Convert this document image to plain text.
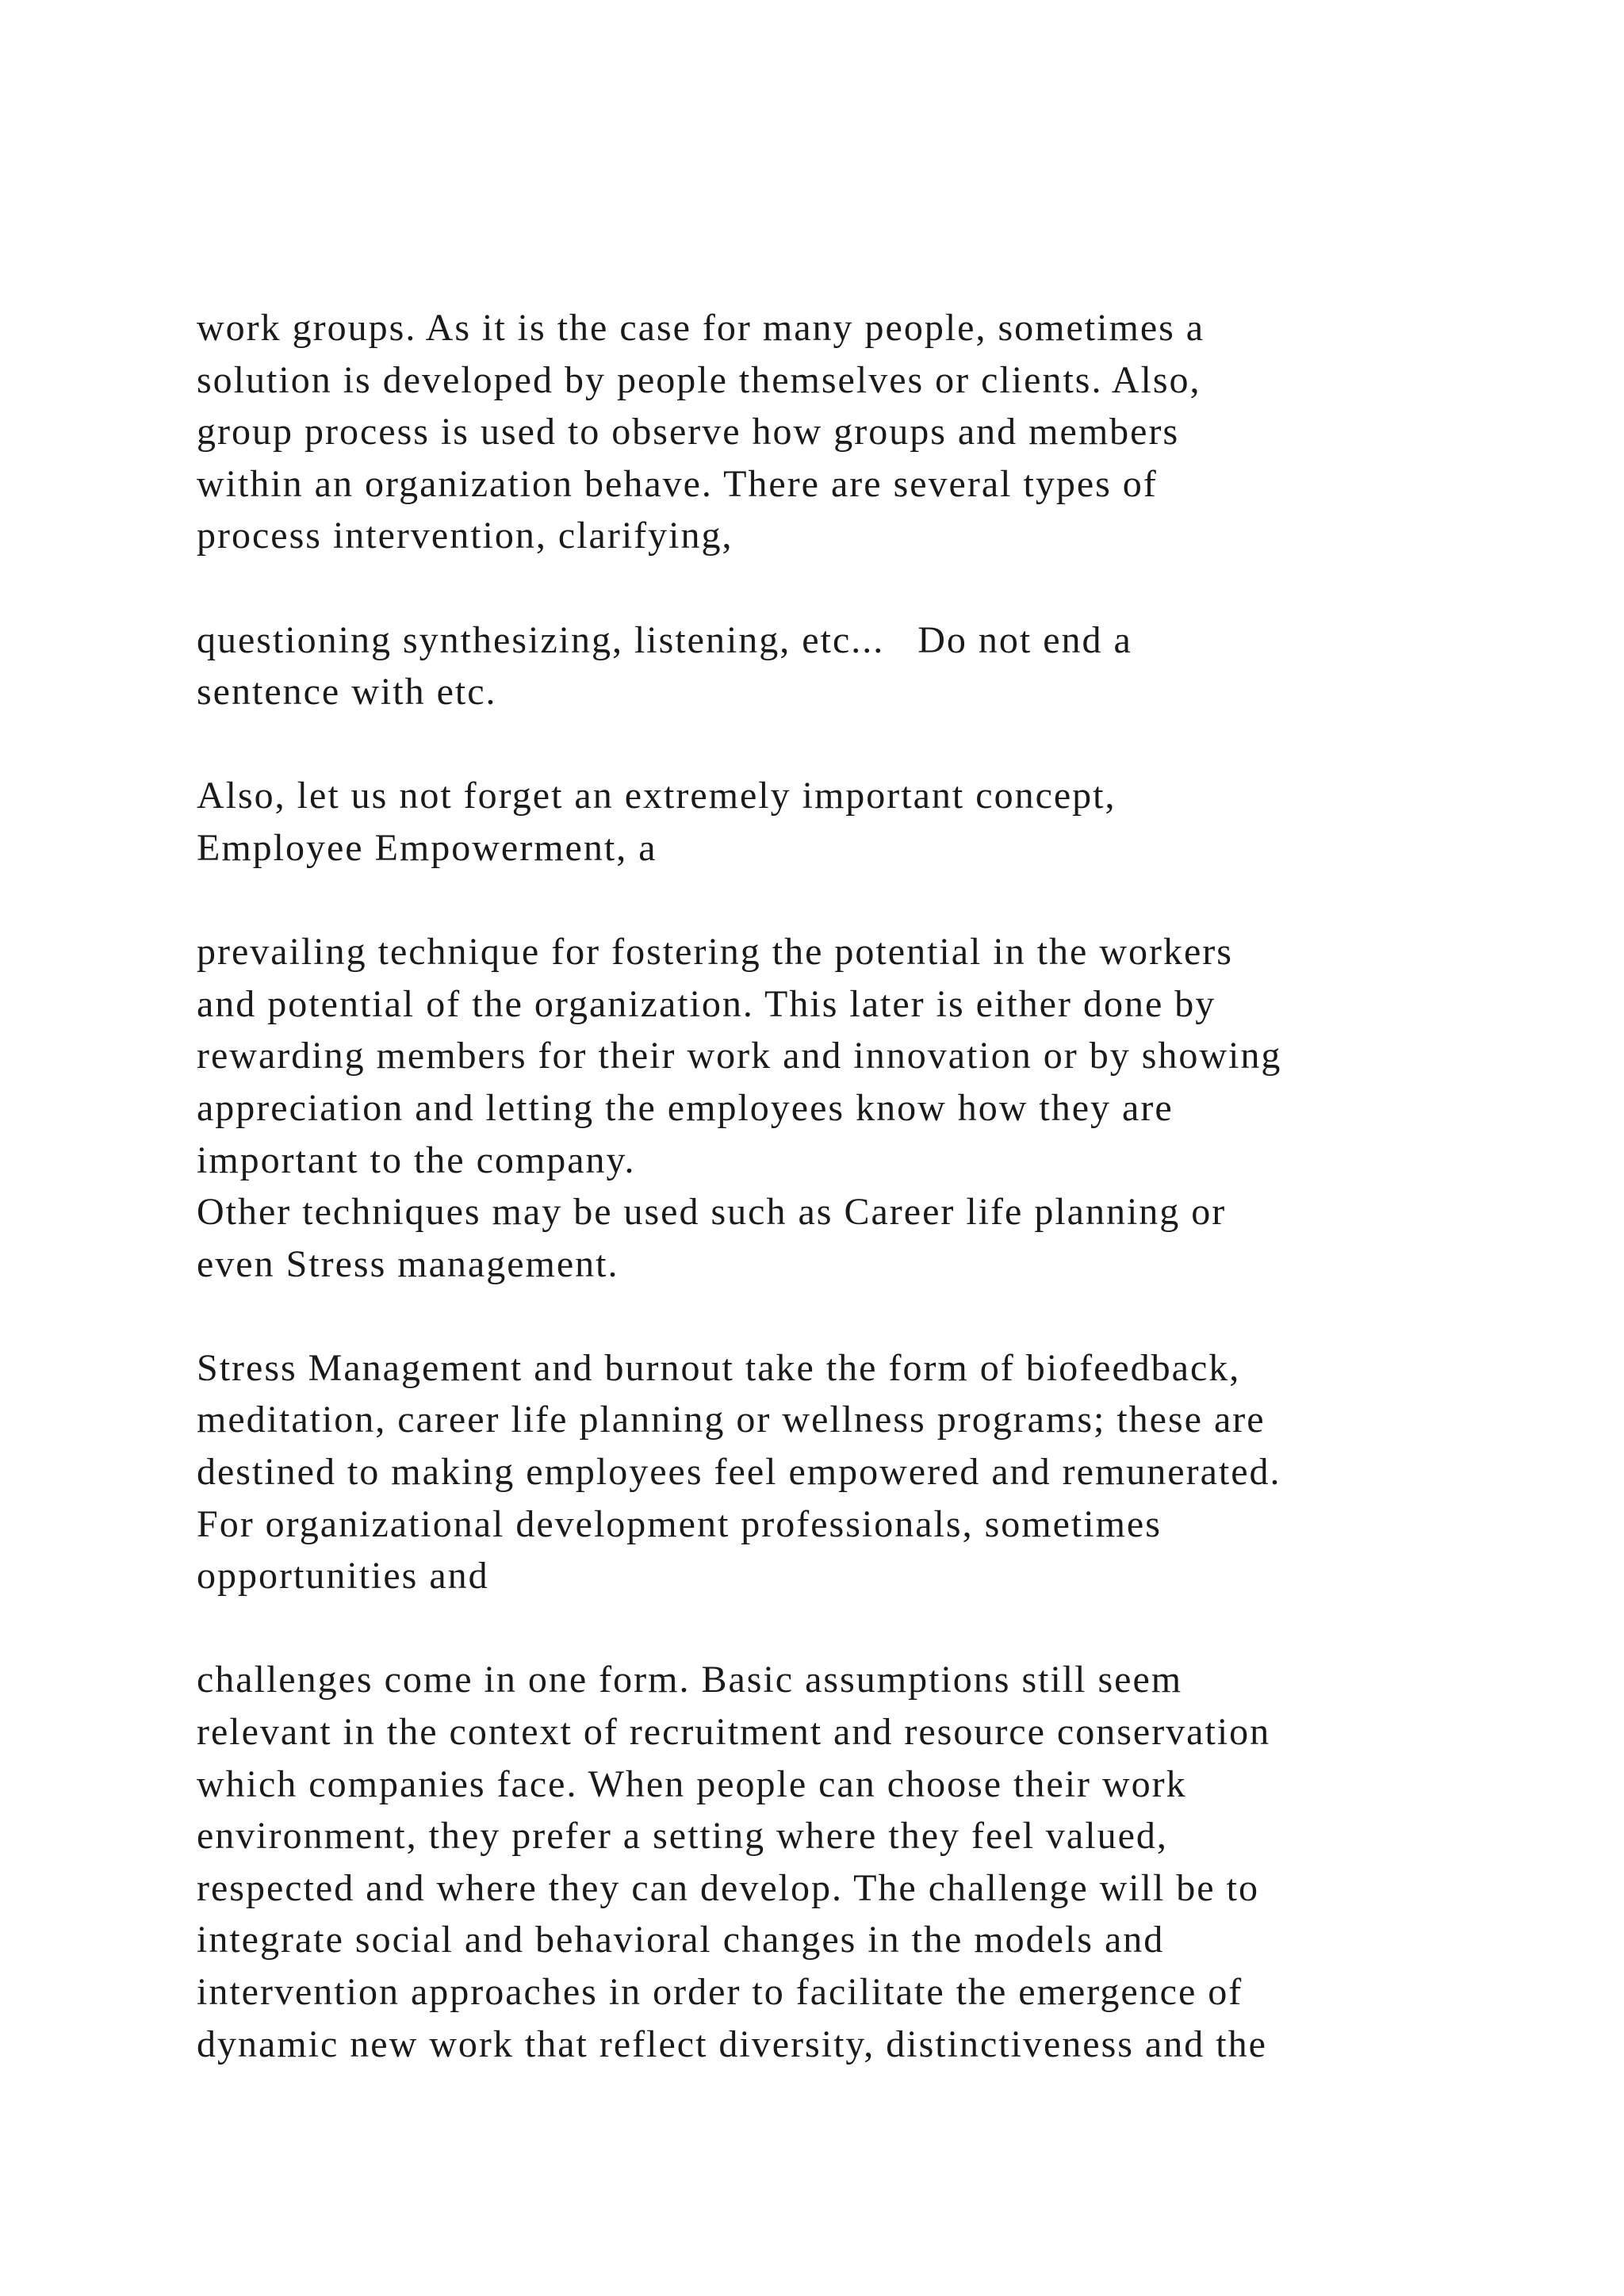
work groups. As it is the case for many people, sometimes a
solution is developed by people themselves or clients. Also,
group process is used to observe how groups and members
within an organization behave. There are several types of
process intervention, clarifying,
questioning synthesizing, listening, etc...   Do not end a
sentence with etc.
Also, let us not forget an extremely important concept,
Employee Empowerment, a
prevailing technique for fostering the potential in the workers
and potential of the organization. This later is either done by
rewarding members for their work and innovation or by showing
appreciation and letting the employees know how they are
important to the company.
Other techniques may be used such as Career life planning or
even Stress management.
Stress Management and burnout take the form of biofeedback,
meditation, career life planning or wellness programs; these are
destined to making employees feel empowered and remunerated.
For organizational development professionals, sometimes
opportunities and
challenges come in one form. Basic assumptions still seem
relevant in the context of recruitment and resource conservation
which companies face. When people can choose their work
environment, they prefer a setting where they feel valued,
respected and where they can develop. The challenge will be to
integrate social and behavioral changes in the models and
intervention approaches in order to facilitate the emergence of
dynamic new work that reflect diversity, distinctiveness and the
